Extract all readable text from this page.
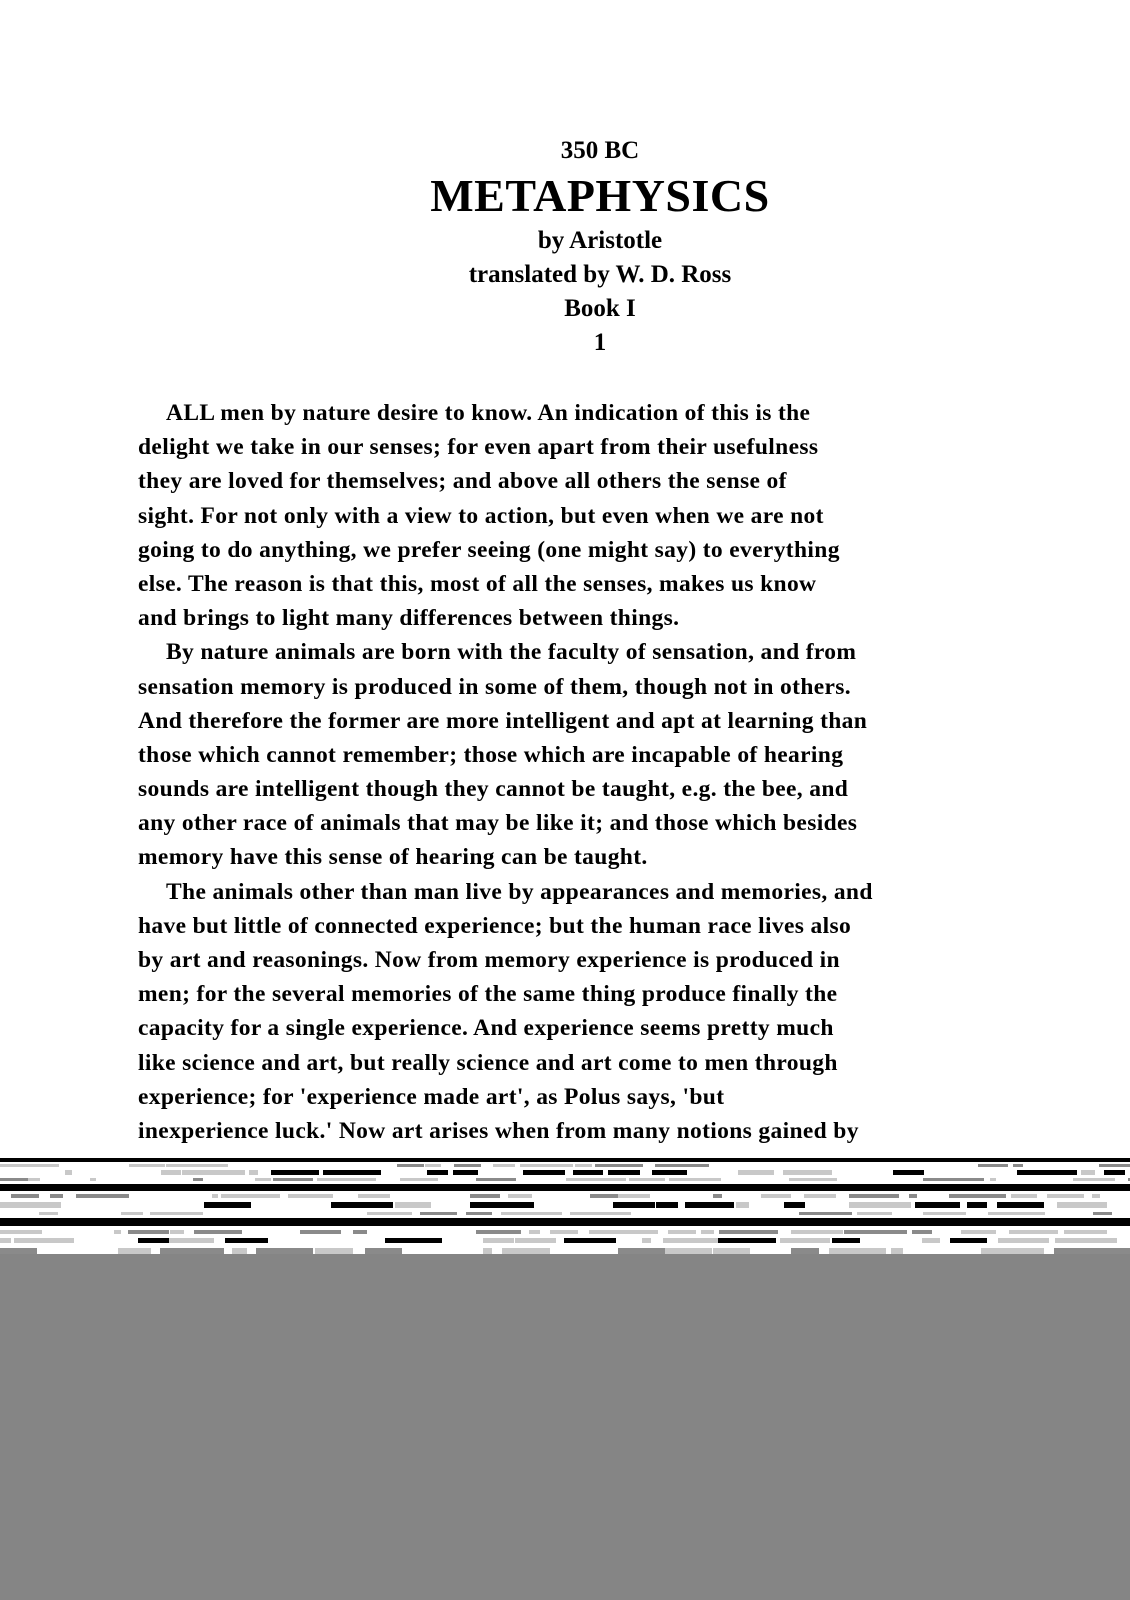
350 BC
METAPHYSICS
by Aristotle
translated by W. D. Ross
Book I
1
ALL men by nature desire to know. An indication of this is the
delight we take in our senses; for even apart from their usefulness
they are loved for themselves; and above all others the sense of
sight. For not only with a view to action, but even when we are not
going to do anything, we prefer seeing (one might say) to everything
else. The reason is that this, most of all the senses, makes us know
and brings to light many differences between things.
By nature animals are born with the faculty of sensation, and from
sensation memory is produced in some of them, though not in others.
And therefore the former are more intelligent and apt at learning than
those which cannot remember; those which are incapable of hearing
sounds are intelligent though they cannot be taught, e.g. the bee, and
any other race of animals that may be like it; and those which besides
memory have this sense of hearing can be taught.
The animals other than man live by appearances and memories, and
have but little of connected experience; but the human race lives also
by art and reasonings. Now from memory experience is produced in
men; for the several memories of the same thing produce finally the
capacity for a single experience. And experience seems pretty much
like science and art, but really science and art come to men through
experience; for 'experience made art', as Polus says, 'but
inexperience luck.' Now art arises when from many notions gained by
